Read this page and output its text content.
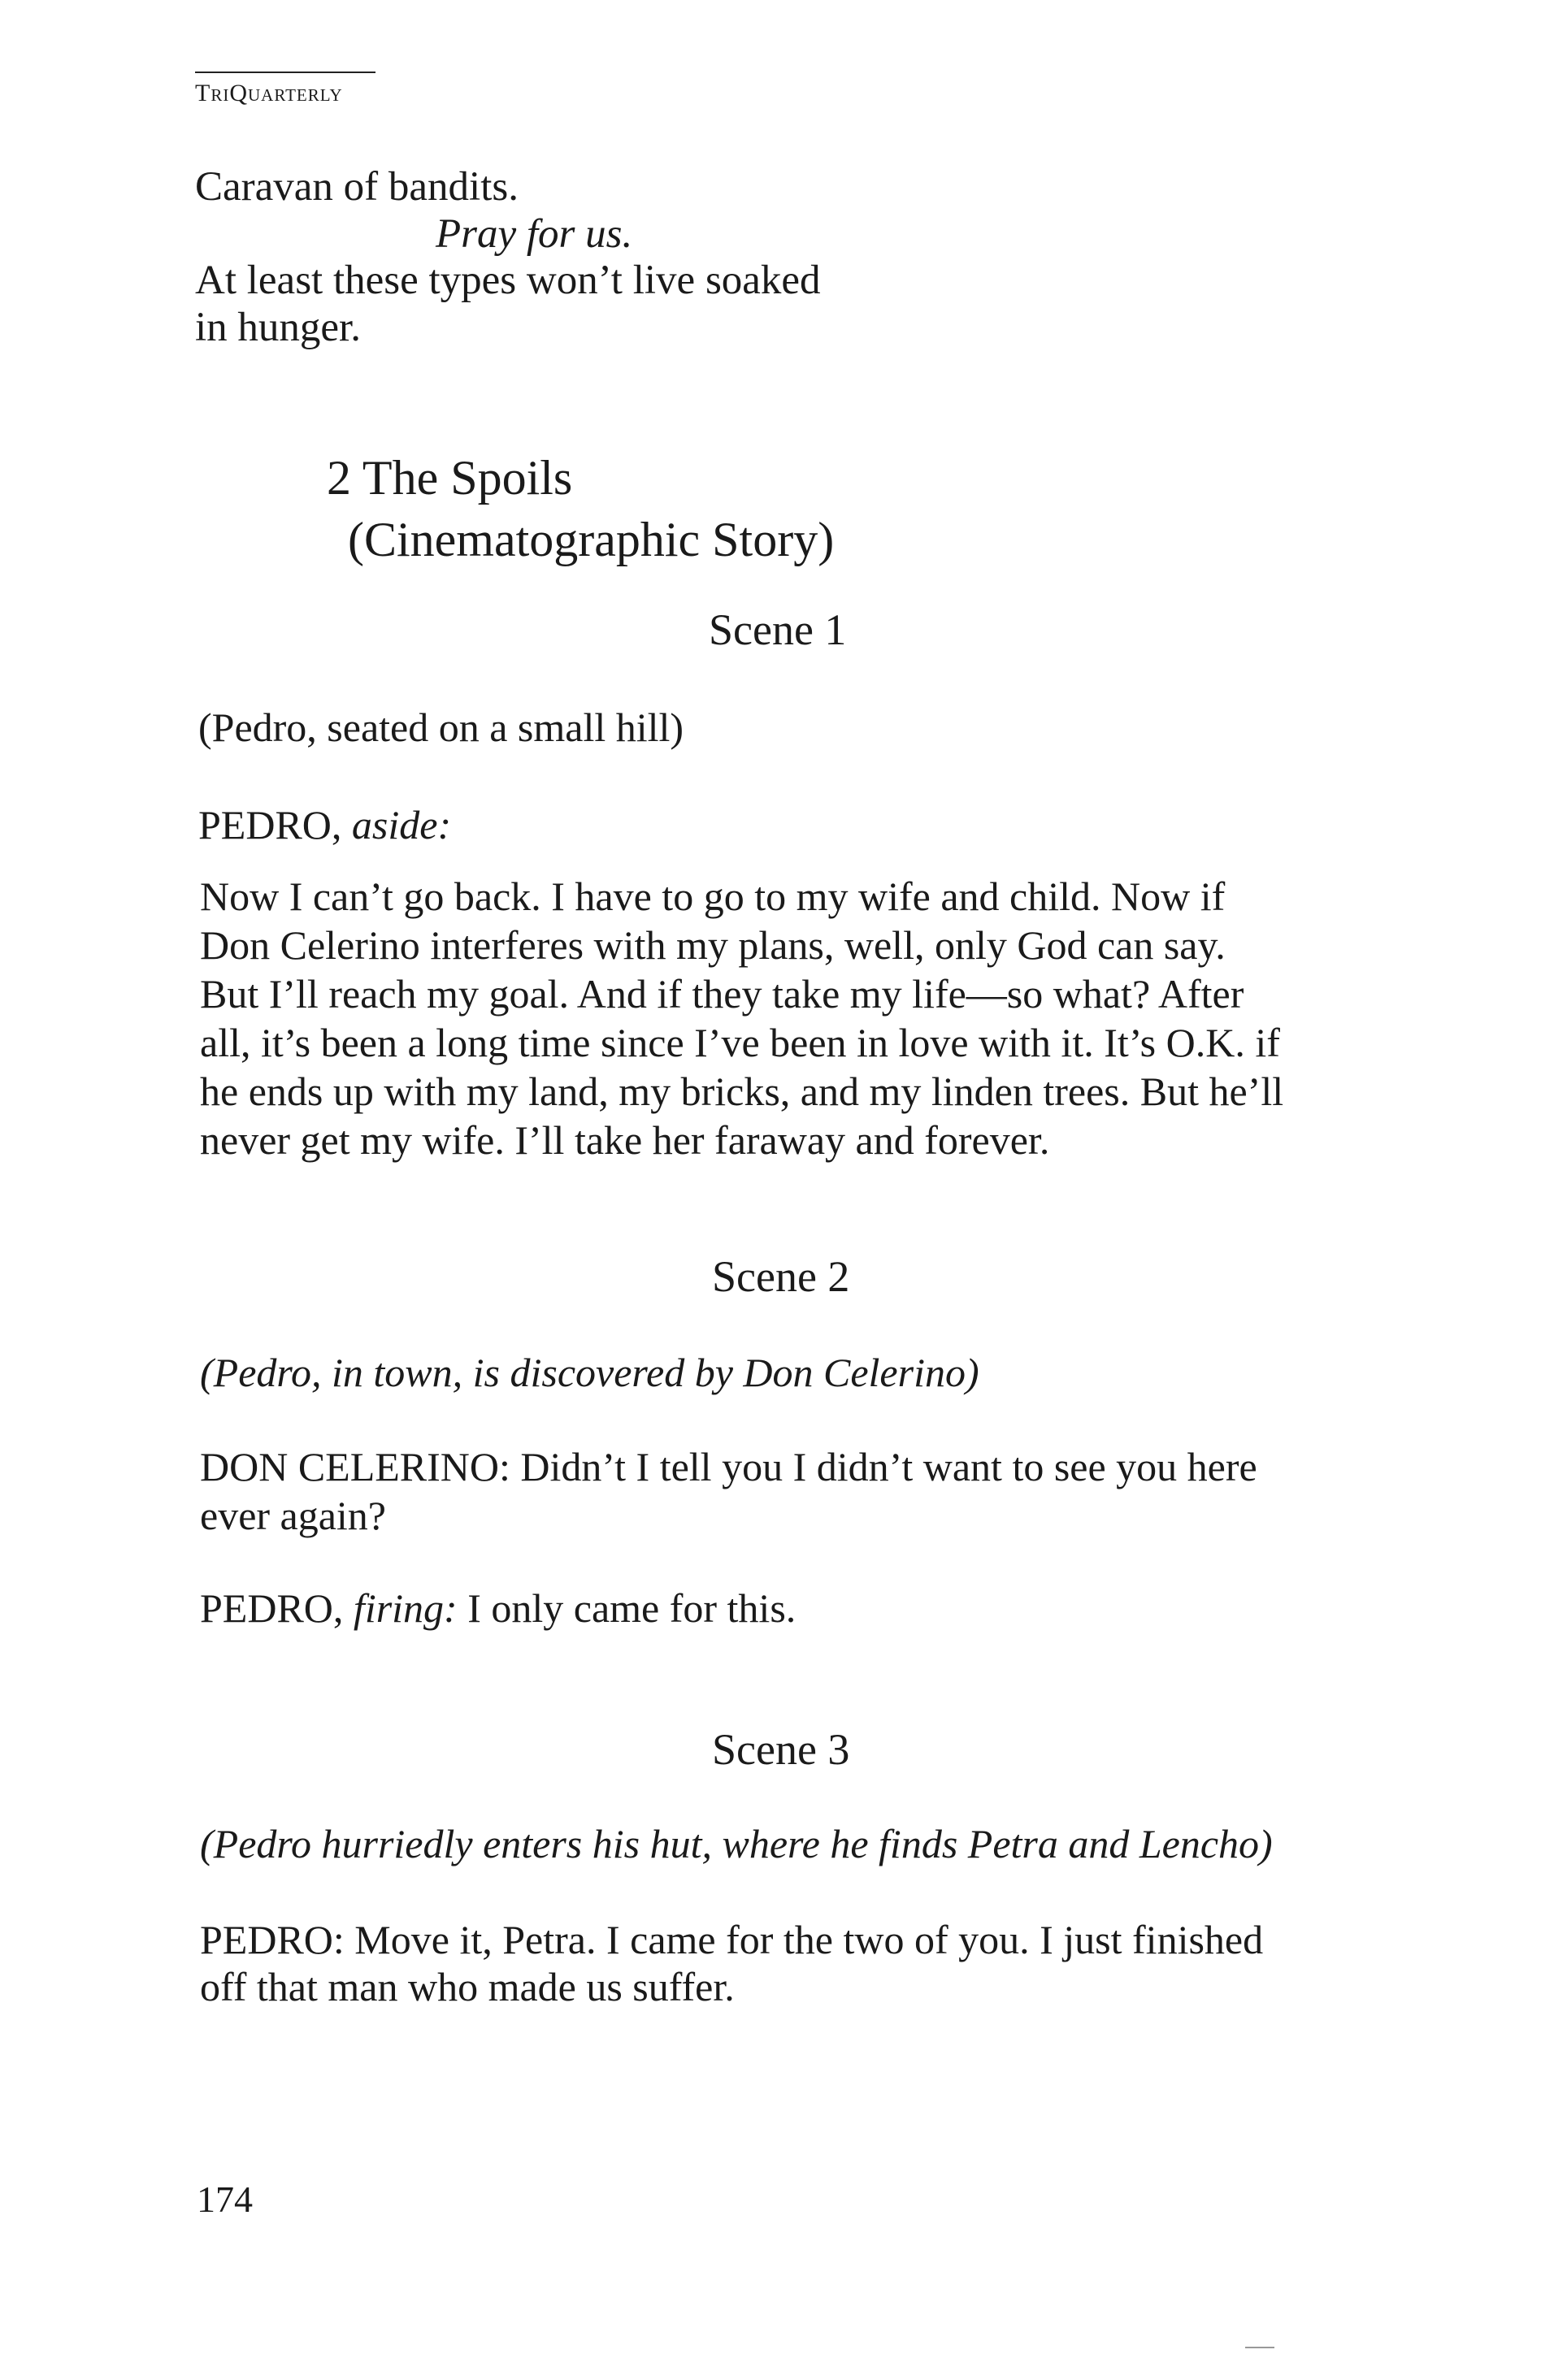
TriQuarterly
Caravan of bandits.
Pray for us.
At least these types won’t live soaked
in hunger.
2 The Spoils
(Cinematographic Story)
Scene 1
(Pedro, seated on a small hill)
PEDRO, aside:
Now I can’t go back. I have to go to my wife and child. Now if
Don Celerino interferes with my plans, well, only God can say.
But I’ll reach my goal. And if they take my life—so what? After
all, it’s been a long time since I’ve been in love with it. It’s O.K. if
he ends up with my land, my bricks, and my linden trees. But he’ll
never get my wife. I’ll take her faraway and forever.
Scene 2
(Pedro, in town, is discovered by Don Celerino)
DON CELERINO: Didn’t I tell you I didn’t want to see you here
ever again?
PEDRO, firing: I only came for this.
Scene 3
(Pedro hurriedly enters his hut, where he finds Petra and Lencho)
PEDRO: Move it, Petra. I came for the two of you. I just finished
off that man who made us suffer.
174
